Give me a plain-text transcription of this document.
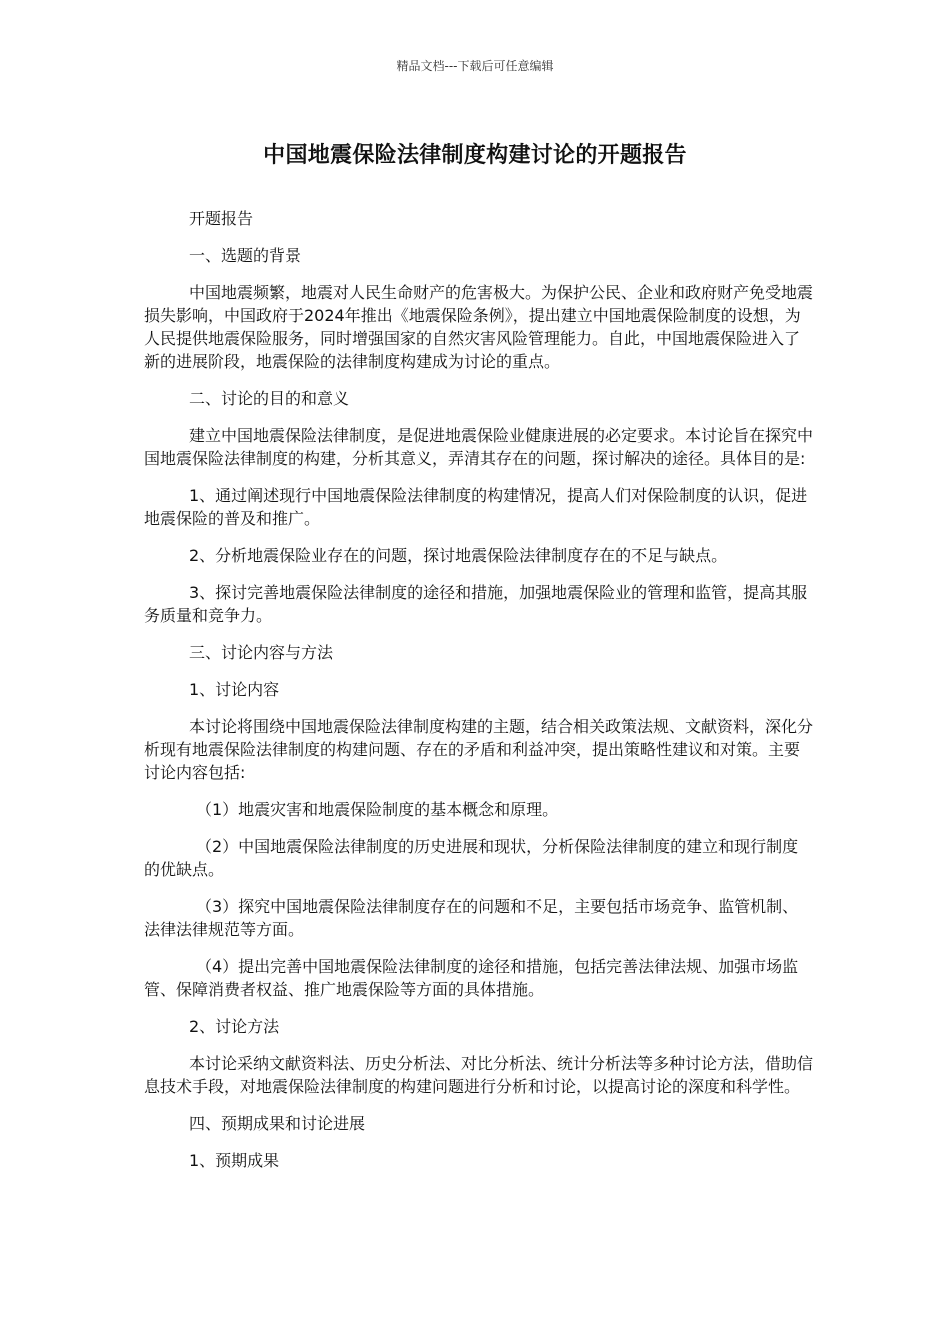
精品文档---下载后可任意编辑
中国地震保险法律制度构建讨论的开题报告

开题报告

一、选题的背景

中国地震频繁，地震对人民生命财产的危害极大。为保护公民、企业和政府财产免受地震损失影响，中国政府于2024年推出《地震保险条例》，提出建立中国地震保险制度的设想，为人民提供地震保险服务，同时增强国家的自然灾害风险管理能力。自此，中国地震保险进入了新的进展阶段，地震保险的法律制度构建成为讨论的重点。

二、讨论的目的和意义

建立中国地震保险法律制度，是促进地震保险业健康进展的必定要求。本讨论旨在探究中国地震保险法律制度的构建，分析其意义，弄清其存在的问题，探讨解决的途径。具体目的是:

1、通过阐述现行中国地震保险法律制度的构建情况，提高人们对保险制度的认识，促进地震保险的普及和推广。

2、分析地震保险业存在的问题，探讨地震保险法律制度存在的不足与缺点。

3、探讨完善地震保险法律制度的途径和措施，加强地震保险业的管理和监管，提高其服务质量和竞争力。

三、讨论内容与方法

1、讨论内容

本讨论将围绕中国地震保险法律制度构建的主题，结合相关政策法规、文献资料，深化分析现有地震保险法律制度的构建问题、存在的矛盾和利益冲突，提出策略性建议和对策。主要讨论内容包括:

（1）地震灾害和地震保险制度的基本概念和原理。

（2）中国地震保险法律制度的历史进展和现状，分析保险法律制度的建立和现行制度的优缺点。

（3）探究中国地震保险法律制度存在的问题和不足，主要包括市场竞争、监管机制、法律法律规范等方面。

（4）提出完善中国地震保险法律制度的途径和措施，包括完善法律法规、加强市场监管、保障消费者权益、推广地震保险等方面的具体措施。

2、讨论方法

本讨论采纳文献资料法、历史分析法、对比分析法、统计分析法等多种讨论方法，借助信息技术手段，对地震保险法律制度的构建问题进行分析和讨论，以提高讨论的深度和科学性。

四、预期成果和讨论进展

1、预期成果
